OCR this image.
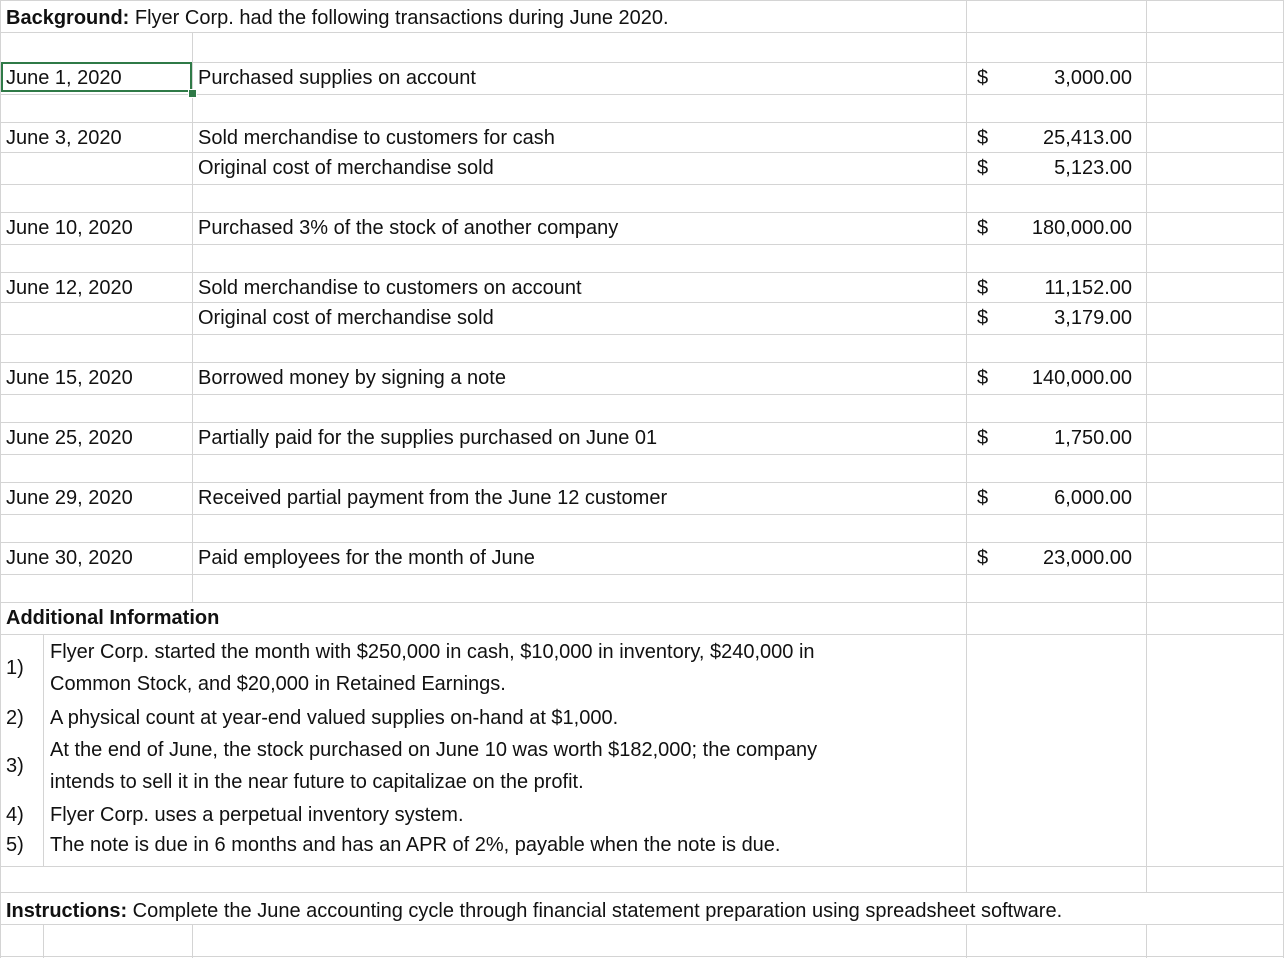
Background: Flyer Corp. had the following transactions during June 2020.
June 1, 2020	Purchased supplies on account	$	3,000.00
June 3, 2020	Sold merchandise to customers for cash	$	25,413.00
Original cost of merchandise sold	$	5,123.00
June 10, 2020	Purchased 3% of the stock of another company	$	180,000.00
June 12, 2020	Sold merchandise to customers on account	$	11,152.00
Original cost of merchandise sold	$	3,179.00
June 15, 2020	Borrowed money by signing a note	$	140,000.00
June 25, 2020	Partially paid for the supplies purchased on June 01	$	1,750.00
June 29, 2020	Received partial payment from the June 12 customer	$	6,000.00
June 30, 2020	Paid employees for the month of June	$	23,000.00
Additional Information
1)
Flyer Corp. started the month with $250,000 in cash, $10,000 in inventory, $240,000 in
Common Stock, and $20,000 in Retained Earnings.
2) A physical count at year-end valued supplies on-hand at $1,000.
3)
At the end of June, the stock purchased on June 10 was worth $182,000; the company
intends to sell it in the near future to capitalizae on the profit.
4) Flyer Corp. uses a perpetual inventory system.
5) The note is due in 6 months and has an APR of 2%, payable when the note is due.
Instructions: Complete the June accounting cycle through financial statement preparation using spreadsheet software.
